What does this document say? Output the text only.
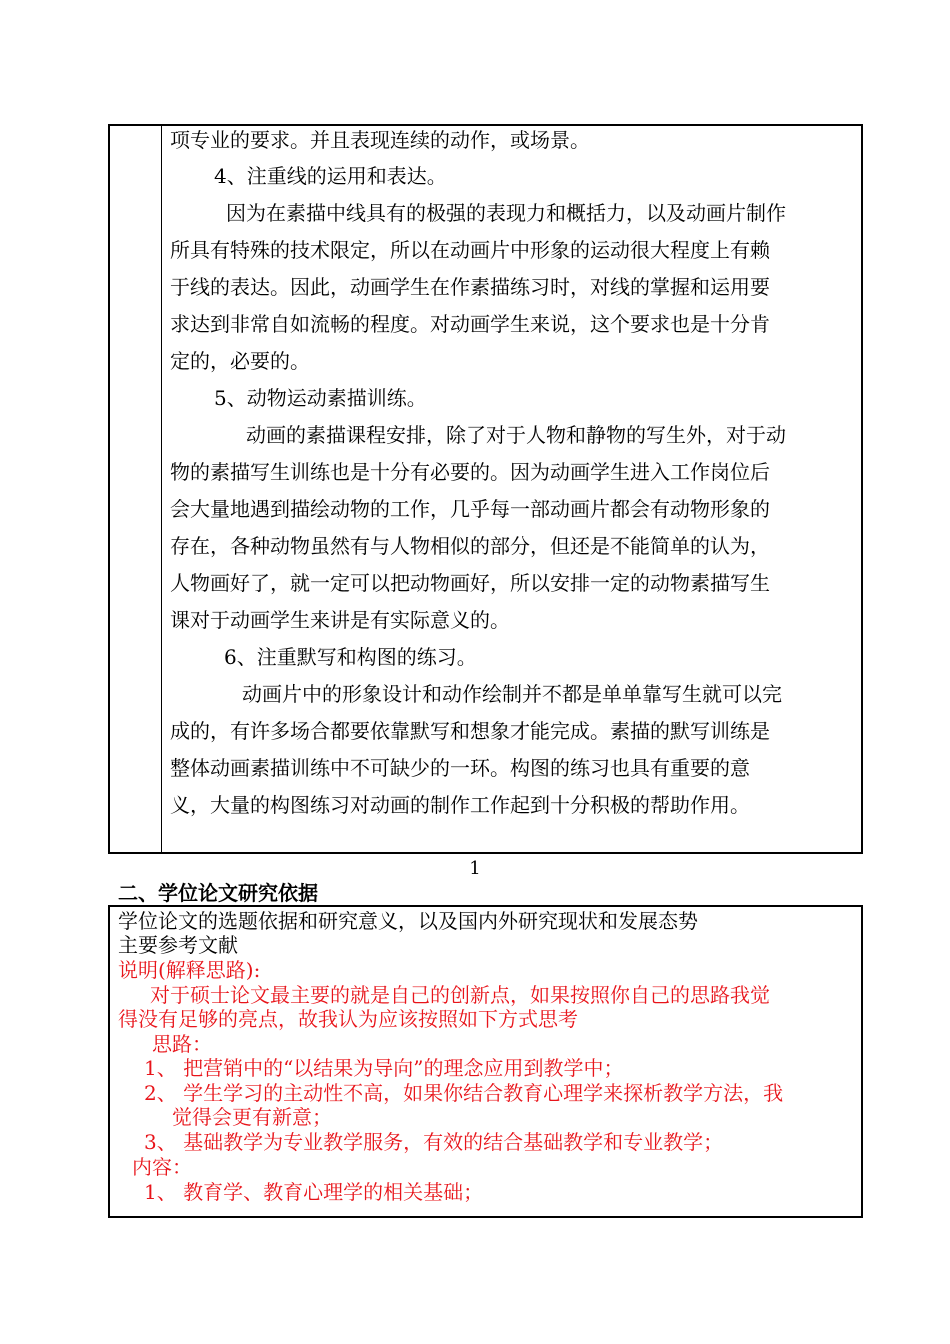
项专业的要求。并且表现连续的动作，或场景。
4、注重线的运用和表达。
因为在素描中线具有的极强的表现力和概括力，以及动画片制作
所具有特殊的技术限定，所以在动画片中形象的运动很大程度上有赖
于线的表达。因此，动画学生在作素描练习时，对线的掌握和运用要
求达到非常自如流畅的程度。对动画学生来说，这个要求也是十分肯
定的，必要的。
5、动物运动素描训练。
动画的素描课程安排，除了对于人物和静物的写生外，对于动
物的素描写生训练也是十分有必要的。因为动画学生进入工作岗位后
会大量地遇到描绘动物的工作，几乎每一部动画片都会有动物形象的
存在，各种动物虽然有与人物相似的部分，但还是不能简单的认为，
人物画好了，就一定可以把动物画好，所以安排一定的动物素描写生
课对于动画学生来讲是有实际意义的。
6、注重默写和构图的练习。
动画片中的形象设计和动作绘制并不都是单单靠写生就可以完
成的，有许多场合都要依靠默写和想象才能完成。素描的默写训练是
整体动画素描训练中不可缺少的一环。构图的练习也具有重要的意
义，大量的构图练习对动画的制作工作起到十分积极的帮助作用。
1
二、学位论文研究依据
学位论文的选题依据和研究意义，以及国内外研究现状和发展态势
主要参考文献
说明(解释思路):
对于硕士论文最主要的就是自己的创新点，如果按照你自己的思路我觉
得没有足够的亮点，故我认为应该按照如下方式思考
思路：
1、 把营销中的“以结果为导向”的理念应用到教学中；
2、 学生学习的主动性不高，如果你结合教育心理学来探析教学方法，我
觉得会更有新意；
3、 基础教学为专业教学服务，有效的结合基础教学和专业教学；
内容：
1、 教育学、教育心理学的相关基础；
